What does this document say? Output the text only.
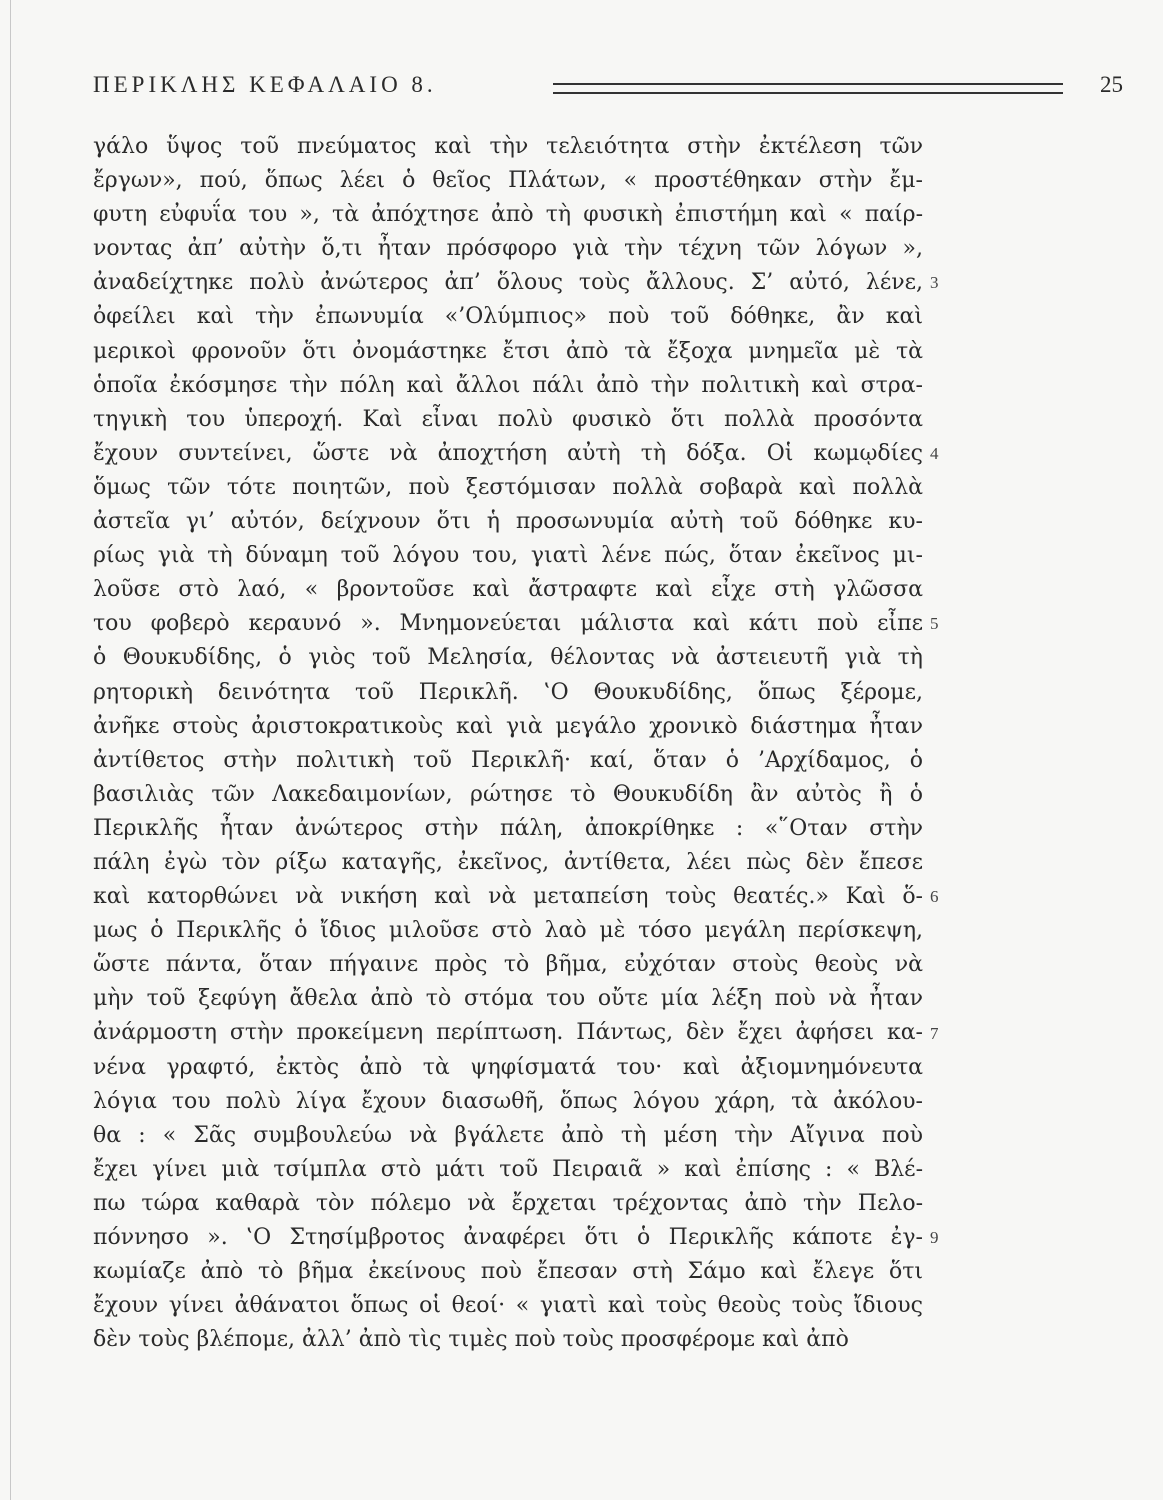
ΠΕΡΙΚΛΗΣ ΚΕΦΑΛΑΙΟ 8.	25
γάλο ὕψος τοῦ πνεύματος καὶ τὴν τελειότητα στὴν ἐκτέλεση τῶν
ἔργων», πού, ὅπως λέει ὁ θεῖος Πλάτων, « προστέθηκαν στὴν ἔμ-
φυτη εὐφυΐα του », τὰ ἀπόχτησε ἀπὸ τὴ φυσικὴ ἐπιστήμη καὶ « παίρ-
νοντας ἀπ’ αὐτὴν ὅ,τι ἦταν πρόσφορο γιὰ τὴν τέχνη τῶν λόγων »,
ἀναδείχτηκε πολὺ ἀνώτερος ἀπ’ ὅλους τοὺς ἄλλους. Σ’ αὐτό, λένε,
ὀφείλει καὶ τὴν ἐπωνυμία «’Ολύμπιος» ποὺ τοῦ δόθηκε, ἂν καὶ
μερικοὶ φρονοῦν ὅτι ὀνομάστηκε ἔτσι ἀπὸ τὰ ἔξοχα μνημεῖα μὲ τὰ
ὁποῖα ἐκόσμησε τὴν πόλη καὶ ἄλλοι πάλι ἀπὸ τὴν πολιτικὴ καὶ στρα-
τηγικὴ του ὑπεροχή. Καὶ εἶναι πολὺ φυσικὸ ὅτι πολλὰ προσόντα
ἔχουν συντείνει, ὥστε νὰ ἀποχτήση αὐτὴ τὴ δόξα. Οἱ κωμῳδίες
ὅμως τῶν τότε ποιητῶν, ποὺ ξεστόμισαν πολλὰ σοβαρὰ καὶ πολλὰ
ἀστεῖα γι’ αὐτόν, δείχνουν ὅτι ἡ προσωνυμία αὐτὴ τοῦ δόθηκε κυ-
ρίως γιὰ τὴ δύναμη τοῦ λόγου του, γιατὶ λένε πώς, ὅταν ἐκεῖνος μι-
λοῦσε στὸ λαό, « βροντοῦσε καὶ ἄστραφτε καὶ εἶχε στὴ γλῶσσα
του φοβερὸ κεραυνό ». Μνημονεύεται μάλιστα καὶ κάτι ποὺ εἶπε
ὁ Θουκυδίδης, ὁ γιὸς τοῦ Μελησία, θέλοντας νὰ ἀστειευτῆ γιὰ τὴ
ρητορικὴ δεινότητα τοῦ Περικλῆ. ‛Ο Θουκυδίδης, ὅπως ξέρομε,
ἀνῆκε στοὺς ἀριστοκρατικοὺς καὶ γιὰ μεγάλο χρονικὸ διάστημα ἦταν
ἀντίθετος στὴν πολιτικὴ τοῦ Περικλῆ· καί, ὅταν ὁ ’Αρχίδαμος, ὁ
βασιλιὰς τῶν Λακεδαιμονίων, ρώτησε τὸ Θουκυδίδη ἂν αὐτὸς ἢ ὁ
Περικλῆς ἦταν ἀνώτερος στὴν πάλη, ἀποκρίθηκε : «῞Οταν στὴν
πάλη ἐγὼ τὸν ρίξω καταγῆς, ἐκεῖνος, ἀντίθετα, λέει πὼς δὲν ἔπεσε
καὶ κατορθώνει νὰ νικήση καὶ νὰ μεταπείση τοὺς θεατές.» Καὶ ὅ-
μως ὁ Περικλῆς ὁ ἴδιος μιλοῦσε στὸ λαὸ μὲ τόσο μεγάλη περίσκεψη,
ὥστε πάντα, ὅταν πήγαινε πρὸς τὸ βῆμα, εὐχόταν στοὺς θεοὺς νὰ
μὴν τοῦ ξεφύγη ἄθελα ἀπὸ τὸ στόμα του οὔτε μία λέξη ποὺ νὰ ἦταν
ἀνάρμοστη στὴν προκείμενη περίπτωση. Πάντως, δὲν ἔχει ἀφήσει κα-
νένα γραφτό, ἐκτὸς ἀπὸ τὰ ψηφίσματά του· καὶ ἀξιομνημόνευτα
λόγια του πολὺ λίγα ἔχουν διασωθῆ, ὅπως λόγου χάρη, τὰ ἀκόλου-
θα : « Σᾶς συμβουλεύω νὰ βγάλετε ἀπὸ τὴ μέση τὴν Αἴγινα ποὺ
ἔχει γίνει μιὰ τσίμπλα στὸ μάτι τοῦ Πειραιᾶ » καὶ ἐπίσης : « Βλέ-
πω τώρα καθαρὰ τὸν πόλεμο νὰ ἔρχεται τρέχοντας ἀπὸ τὴν Πελο-
πόννησο ». ‛Ο Στησίμβροτος ἀναφέρει ὅτι ὁ Περικλῆς κάποτε ἐγ-
κωμίαζε ἀπὸ τὸ βῆμα ἐκείνους ποὺ ἔπεσαν στὴ Σάμο καὶ ἔλεγε ὅτι
ἔχουν γίνει ἀθάνατοι ὅπως οἱ θεοί· « γιατὶ καὶ τοὺς θεοὺς τοὺς ἴδιους
δὲν τοὺς βλέπομε, ἀλλ’ ἀπὸ τὶς τιμὲς ποὺ τοὺς προσφέρομε καὶ ἀπὸ
3
4
5
6
7
9
